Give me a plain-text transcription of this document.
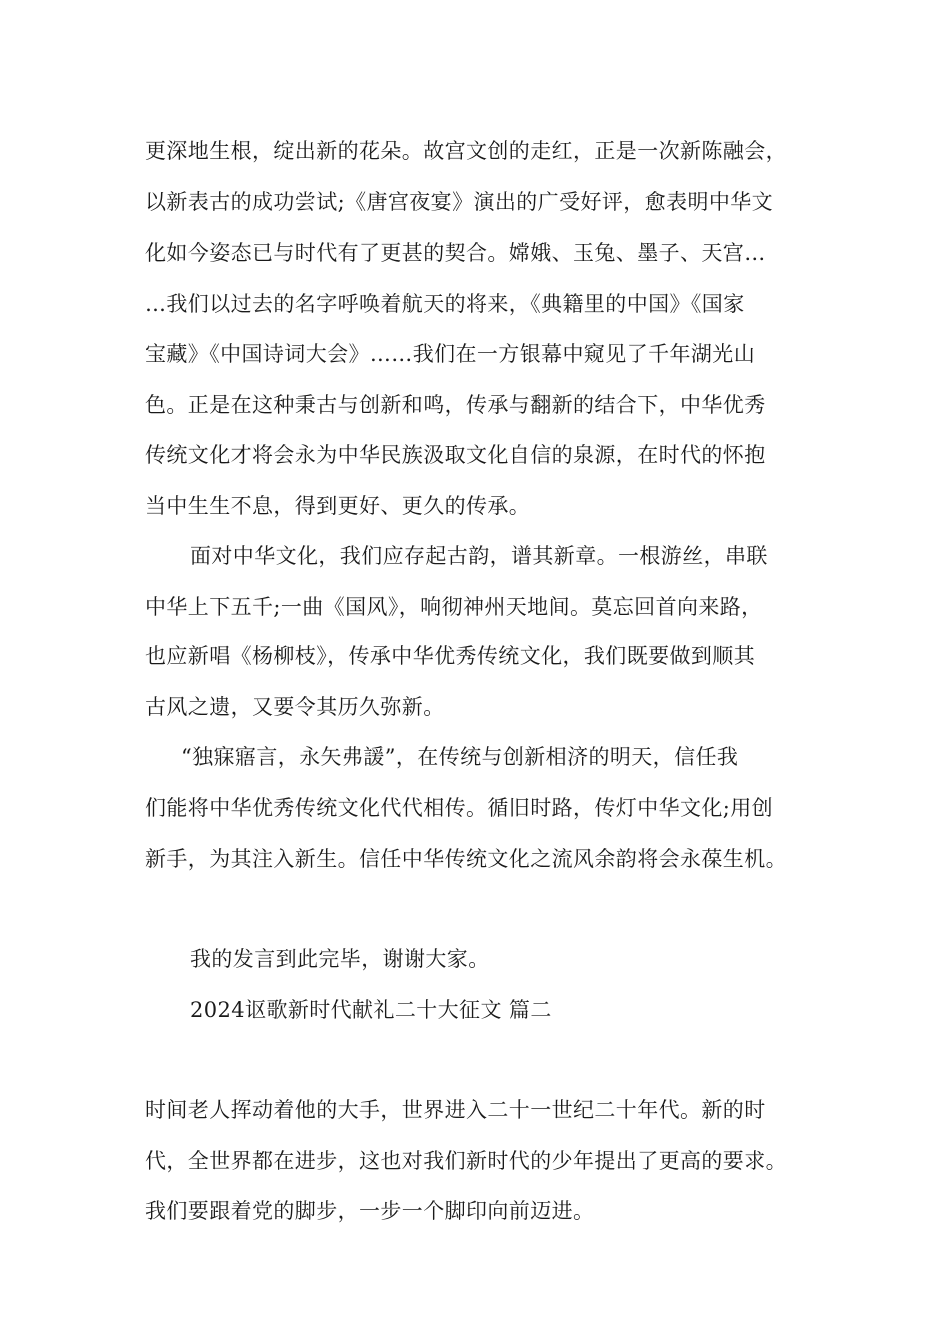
更深地生根，绽出新的花朵。故宫文创的走红，正是一次新陈融会，
以新表古的成功尝试;《唐宫夜宴》演出的广受好评，愈表明中华文
化如今姿态已与时代有了更甚的契合。嫦娥、玉兔、墨子、天宫…
…我们以过去的名字呼唤着航天的将来，《典籍里的中国》《国家
宝藏》《中国诗词大会》……我们在一方银幕中窥见了千年湖光山
色。正是在这种秉古与创新和鸣，传承与翻新的结合下，中华优秀
传统文化才将会永为中华民族汲取文化自信的泉源，在时代的怀抱
当中生生不息，得到更好、更久的传承。
面对中华文化，我们应存起古韵，谱其新章。一根游丝，串联
中华上下五千;一曲《国风》，响彻神州天地间。莫忘回首向来路，
也应新唱《杨柳枝》，传承中华优秀传统文化，我们既要做到顺其
古风之遗，又要令其历久弥新。
“独寐寤言，永矢弗諼”，在传统与创新相济的明天，信任我
们能将中华优秀传统文化代代相传。循旧时路，传灯中华文化;用创
新手，为其注入新生。信任中华传统文化之流风余韵将会永葆生机。
我的发言到此完毕，谢谢大家。
2024讴歌新时代献礼二十大征文 篇二
时间老人挥动着他的大手，世界进入二十一世纪二十年代。新的时
代，全世界都在进步，这也对我们新时代的少年提出了更高的要求。
我们要跟着党的脚步，一步一个脚印向前迈进。
